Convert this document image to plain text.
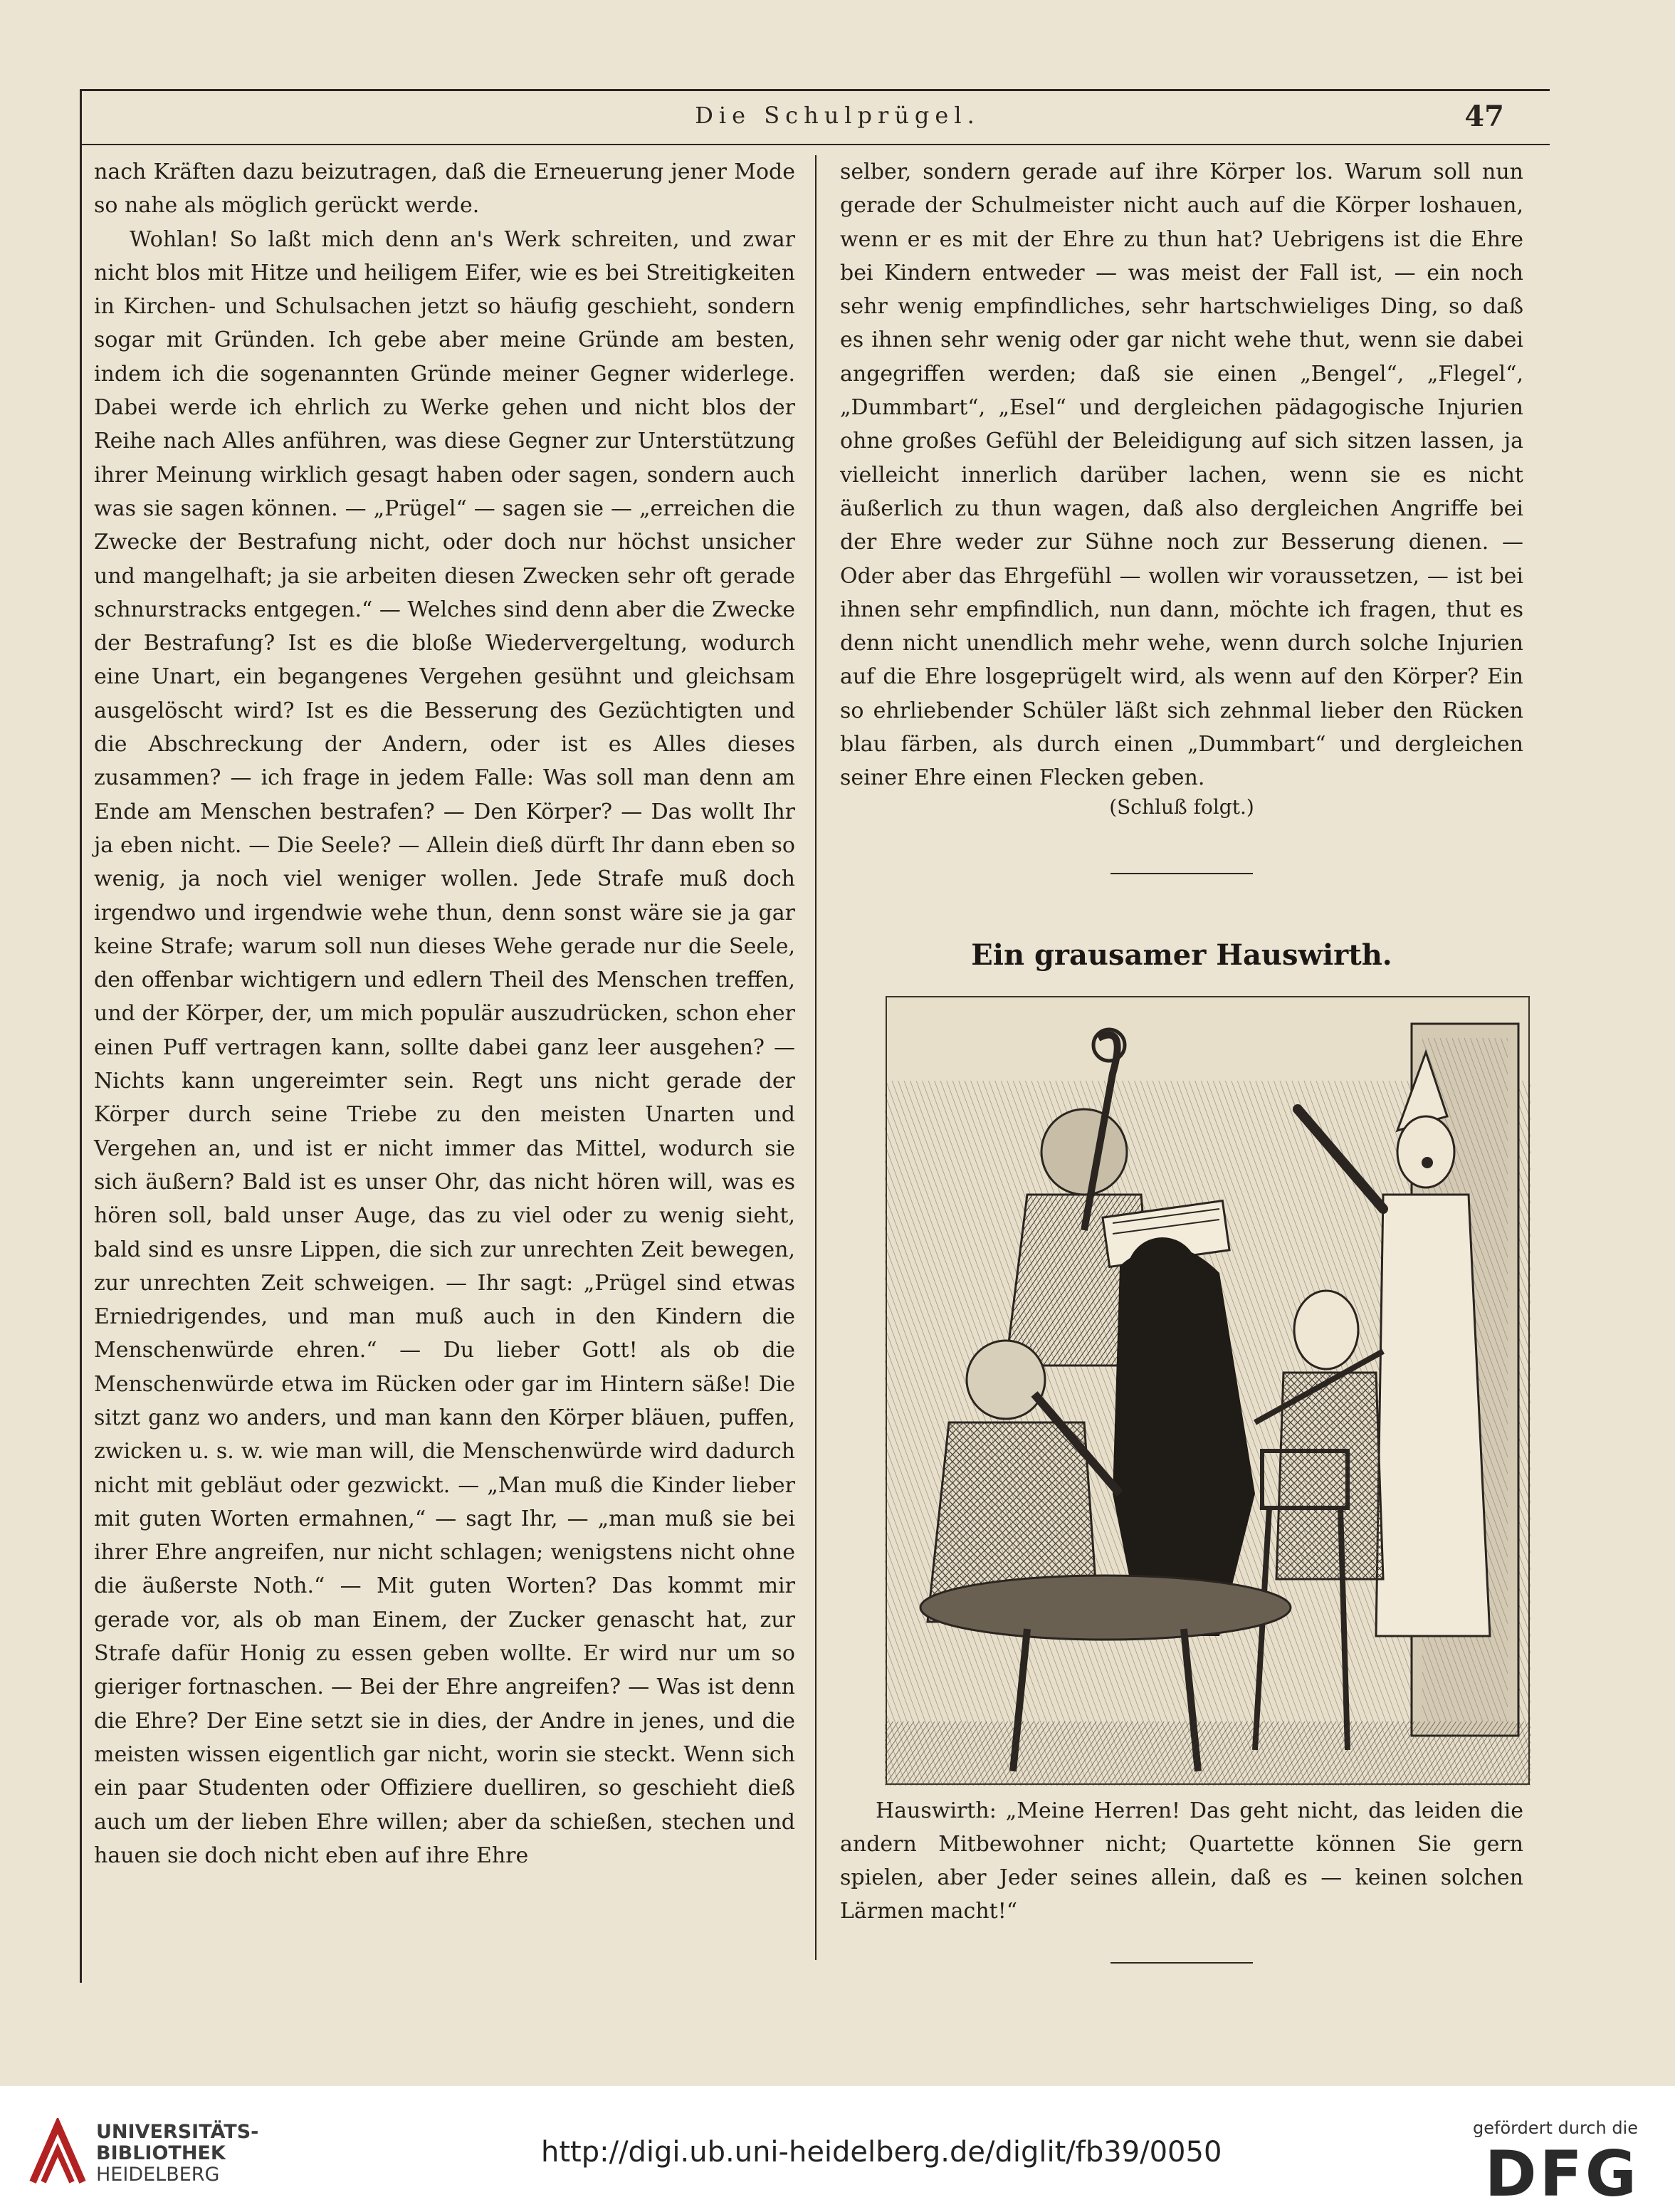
Die Schulprügel.	47

nach Kräften dazu beizutragen, daß die Erneuerung jener Mode so nahe als möglich gerückt werde.

Wohlan! So laßt mich denn an's Werk schreiten, und zwar nicht blos mit Hitze und heiligem Eifer, wie es bei Streitigkeiten in Kirchen- und Schulsachen jetzt so häufig geschieht, sondern sogar mit Gründen. Ich gebe aber meine Gründe am besten, indem ich die sogenannten Gründe meiner Gegner widerlege. Dabei werde ich ehrlich zu Werke gehen und nicht blos der Reihe nach Alles anführen, was diese Gegner zur Unterstützung ihrer Meinung wirklich gesagt haben oder sagen, sondern auch was sie sagen können. — „Prügel“ — sagen sie — „erreichen die Zwecke der Bestrafung nicht, oder doch nur höchst unsicher und mangelhaft; ja sie arbeiten diesen Zwecken sehr oft gerade schnurstracks entgegen.“ — Welches sind denn aber die Zwecke der Bestrafung? Ist es die bloße Wiedervergeltung, wodurch eine Unart, ein begangenes Vergehen gesühnt und gleichsam ausgelöscht wird? Ist es die Besserung des Gezüchtigten und die Abschreckung der Andern, oder ist es Alles dieses zusammen? — ich frage in jedem Falle: Was soll man denn am Ende am Menschen bestrafen? — Den Körper? — Das wollt Ihr ja eben nicht. — Die Seele? — Allein dieß dürft Ihr dann eben so wenig, ja noch viel weniger wollen. Jede Strafe muß doch irgendwo und irgendwie wehe thun, denn sonst wäre sie ja gar keine Strafe; warum soll nun dieses Wehe gerade nur die Seele, den offenbar wichtigern und edlern Theil des Menschen treffen, und der Körper, der, um mich populär auszudrücken, schon eher einen Puff vertragen kann, sollte dabei ganz leer ausgehen? — Nichts kann ungereimter sein. Regt uns nicht gerade der Körper durch seine Triebe zu den meisten Unarten und Vergehen an, und ist er nicht immer das Mittel, wodurch sie sich äußern? Bald ist es unser Ohr, das nicht hören will, was es hören soll, bald unser Auge, das zu viel oder zu wenig sieht, bald sind es unsre Lippen, die sich zur unrechten Zeit bewegen, zur unrechten Zeit schweigen. — Ihr sagt: „Prügel sind etwas Erniedrigendes, und man muß auch in den Kindern die Menschenwürde ehren.“ — Du lieber Gott! als ob die Menschenwürde etwa im Rücken oder gar im Hintern säße! Die sitzt ganz wo anders, und man kann den Körper bläuen, puffen, zwicken u. s. w. wie man will, die Menschenwürde wird dadurch nicht mit gebläut oder gezwickt. — „Man muß die Kinder lieber mit guten Worten ermahnen,“ — sagt Ihr, — „man muß sie bei ihrer Ehre angreifen, nur nicht schlagen; wenigstens nicht ohne die äußerste Noth.“ — Mit guten Worten? Das kommt mir gerade vor, als ob man Einem, der Zucker genascht hat, zur Strafe dafür Honig zu essen geben wollte. Er wird nur um so gieriger fortnaschen. — Bei der Ehre angreifen? — Was ist denn die Ehre? Der Eine setzt sie in dies, der Andre in jenes, und die meisten wissen eigentlich gar nicht, worin sie steckt. Wenn sich ein paar Studenten oder Offiziere duelliren, so geschieht dieß auch um der lieben Ehre willen; aber da schießen, stechen und hauen sie doch nicht eben auf ihre Ehre

selber, sondern gerade auf ihre Körper los. Warum soll nun gerade der Schulmeister nicht auch auf die Körper loshauen, wenn er es mit der Ehre zu thun hat? Uebrigens ist die Ehre bei Kindern entweder — was meist der Fall ist, — ein noch sehr wenig empfindliches, sehr hartschwieliges Ding, so daß es ihnen sehr wenig oder gar nicht wehe thut, wenn sie dabei angegriffen werden; daß sie einen „Bengel“, „Flegel“, „Dummbart“, „Esel“ und dergleichen pädagogische Injurien ohne großes Gefühl der Beleidigung auf sich sitzen lassen, ja vielleicht innerlich darüber lachen, wenn sie es nicht äußerlich zu thun wagen, daß also dergleichen Angriffe bei der Ehre weder zur Sühne noch zur Besserung dienen. — Oder aber das Ehrgefühl — wollen wir voraussetzen, — ist bei ihnen sehr empfindlich, nun dann, möchte ich fragen, thut es denn nicht unendlich mehr wehe, wenn durch solche Injurien auf die Ehre losgeprügelt wird, als wenn auf den Körper? Ein so ehrliebender Schüler läßt sich zehnmal lieber den Rücken blau färben, als durch einen „Dummbart“ und dergleichen seiner Ehre einen Flecken geben.

(Schluß folgt.)
Ein grausamer Hauswirth.
Hauswirth: „Meine Herren! Das geht nicht, das leiden die andern Mitbewohner nicht; Quartette können Sie gern spielen, aber Jeder seines allein, daß es — keinen solchen Lärmen macht!“
UNIVERSITÄTS-
BIBLIOTHEK
HEIDELBERG
http://digi.ub.uni-heidelberg.de/diglit/fb39/0050
gefördert durch die
DFG
